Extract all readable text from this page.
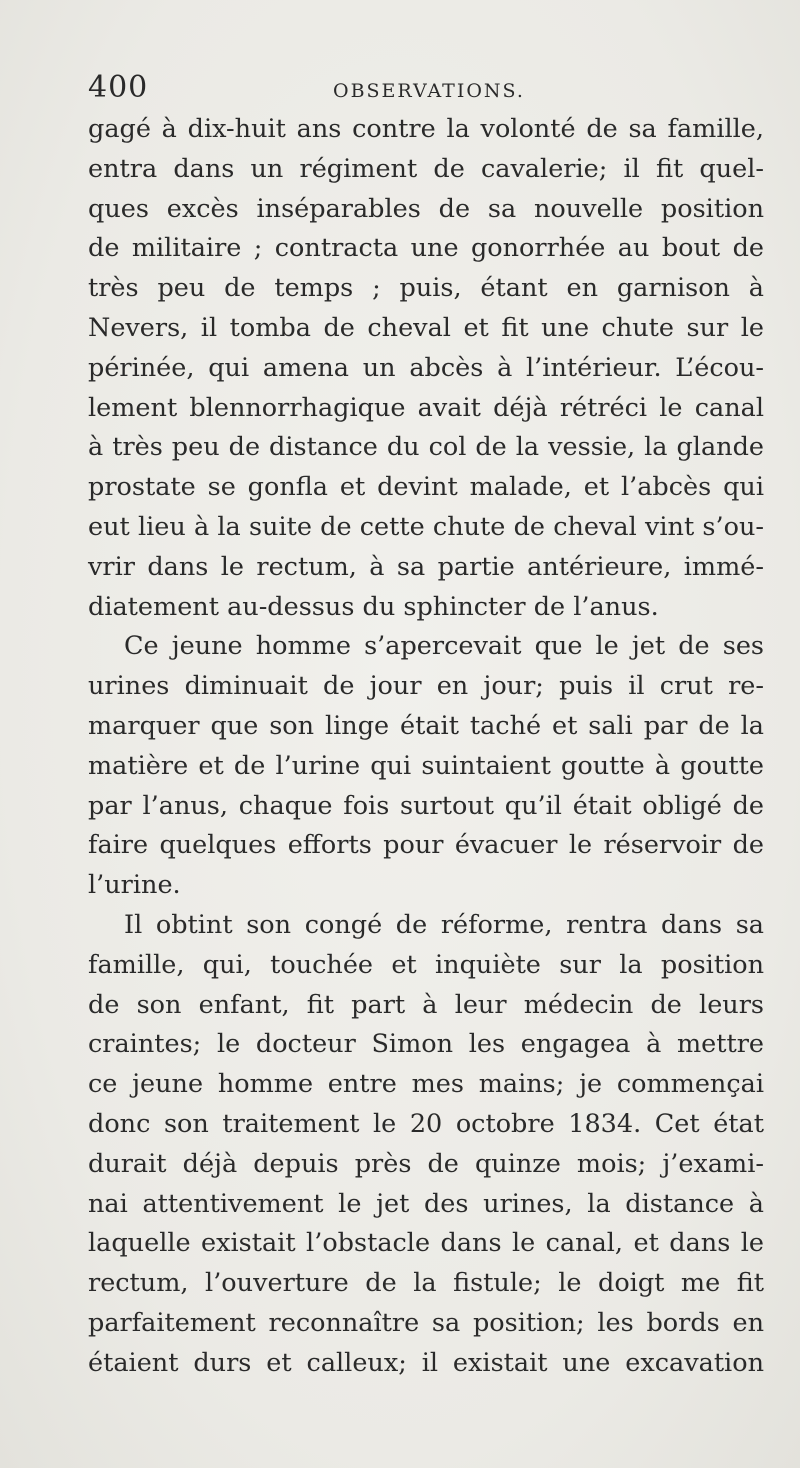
400	OBSERVATIONS.
gagé à dix-huit ans contre la volonté de sa famille,
entra dans un régiment de cavalerie; il fit quel-
ques excès inséparables de sa nouvelle position
de militaire ; contracta une gonorrhée au bout de
très peu de temps ; puis, étant en garnison à
Nevers, il tomba de cheval et fit une chute sur le
périnée, qui amena un abcès à l’intérieur. L’écou-
lement blennorrhagique avait déjà rétréci le canal
à très peu de distance du col de la vessie, la glande
prostate se gonfla et devint malade, et l’abcès qui
eut lieu à la suite de cette chute de cheval vint s’ou-
vrir dans le rectum, à sa partie antérieure, immé-
diatement au-dessus du sphincter de l’anus.
Ce jeune homme s’apercevait que le jet de ses
urines diminuait de jour en jour; puis il crut re-
marquer que son linge était taché et sali par de la
matière et de l’urine qui suintaient goutte à goutte
par l’anus, chaque fois surtout qu’il était obligé de
faire quelques efforts pour évacuer le réservoir de
l’urine.
Il obtint son congé de réforme, rentra dans sa
famille, qui, touchée et inquiète sur la position
de son enfant, fit part à leur médecin de leurs
craintes; le docteur Simon les engagea à mettre
ce jeune homme entre mes mains; je commençai
donc son traitement le 20 octobre 1834. Cet état
durait déjà depuis près de quinze mois; j’exami-
nai attentivement le jet des urines, la distance à
laquelle existait l’obstacle dans le canal, et dans le
rectum, l’ouverture de la fistule; le doigt me fit
parfaitement reconnaître sa position; les bords en
étaient durs et calleux; il existait une excavation
